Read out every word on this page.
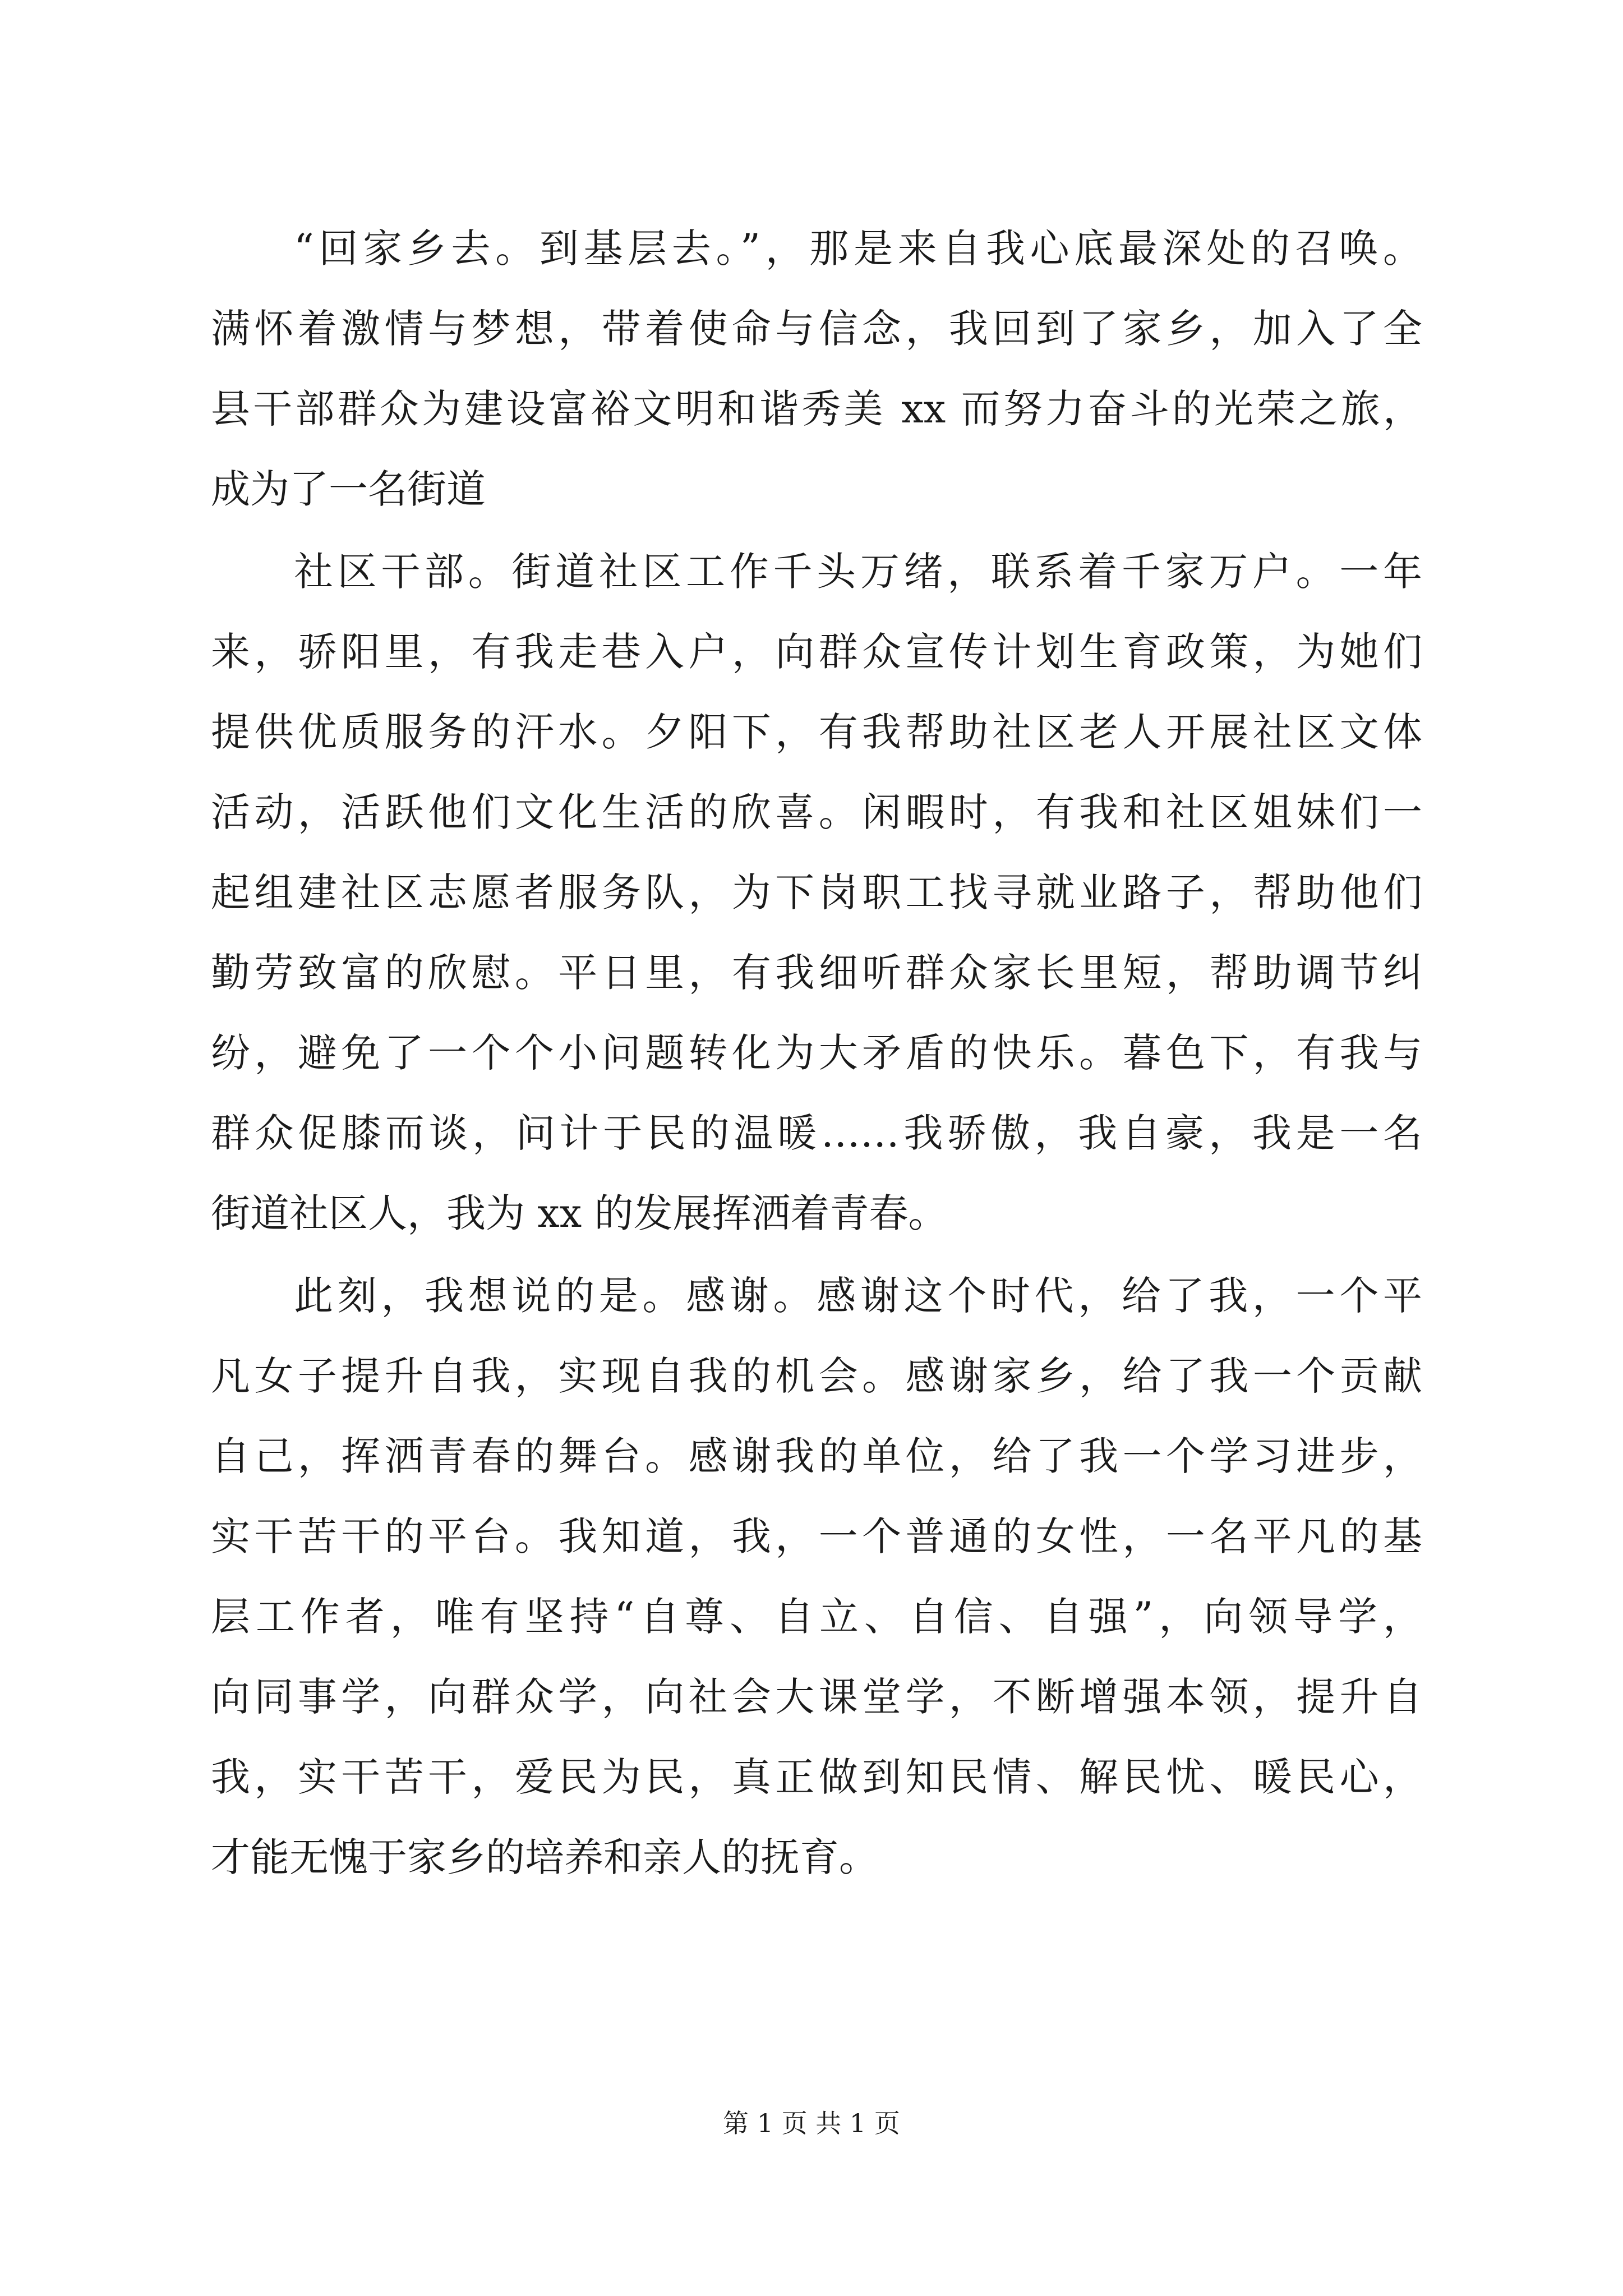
“回家乡去。到基层去。”，那是来自我心底最深处的召唤。
满怀着激情与梦想，带着使命与信念，我回到了家乡，加入了全
县干部群众为建设富裕文明和谐秀美 xx 而努力奋斗的光荣之旅，
成为了一名街道
社区干部。街道社区工作千头万绪，联系着千家万户。一年
来，骄阳里，有我走巷入户，向群众宣传计划生育政策，为她们
提供优质服务的汗水。夕阳下，有我帮助社区老人开展社区文体
活动，活跃他们文化生活的欣喜。闲暇时，有我和社区姐妹们一
起组建社区志愿者服务队，为下岗职工找寻就业路子，帮助他们
勤劳致富的欣慰。平日里，有我细听群众家长里短，帮助调节纠
纷，避免了一个个小问题转化为大矛盾的快乐。暮色下，有我与
群众促膝而谈，问计于民的温暖……我骄傲，我自豪，我是一名
街道社区人，我为 xx 的发展挥洒着青春。
此刻，我想说的是。感谢。感谢这个时代，给了我，一个平
凡女子提升自我，实现自我的机会。感谢家乡，给了我一个贡献
自己，挥洒青春的舞台。感谢我的单位，给了我一个学习进步，
实干苦干的平台。我知道，我，一个普通的女性，一名平凡的基
层工作者，唯有坚持“自尊、自立、自信、自强”，向领导学，
向同事学，向群众学，向社会大课堂学，不断增强本领，提升自
我，实干苦干，爱民为民，真正做到知民情、解民忧、暖民心，
才能无愧于家乡的培养和亲人的抚育。
第 1 页 共 1 页
